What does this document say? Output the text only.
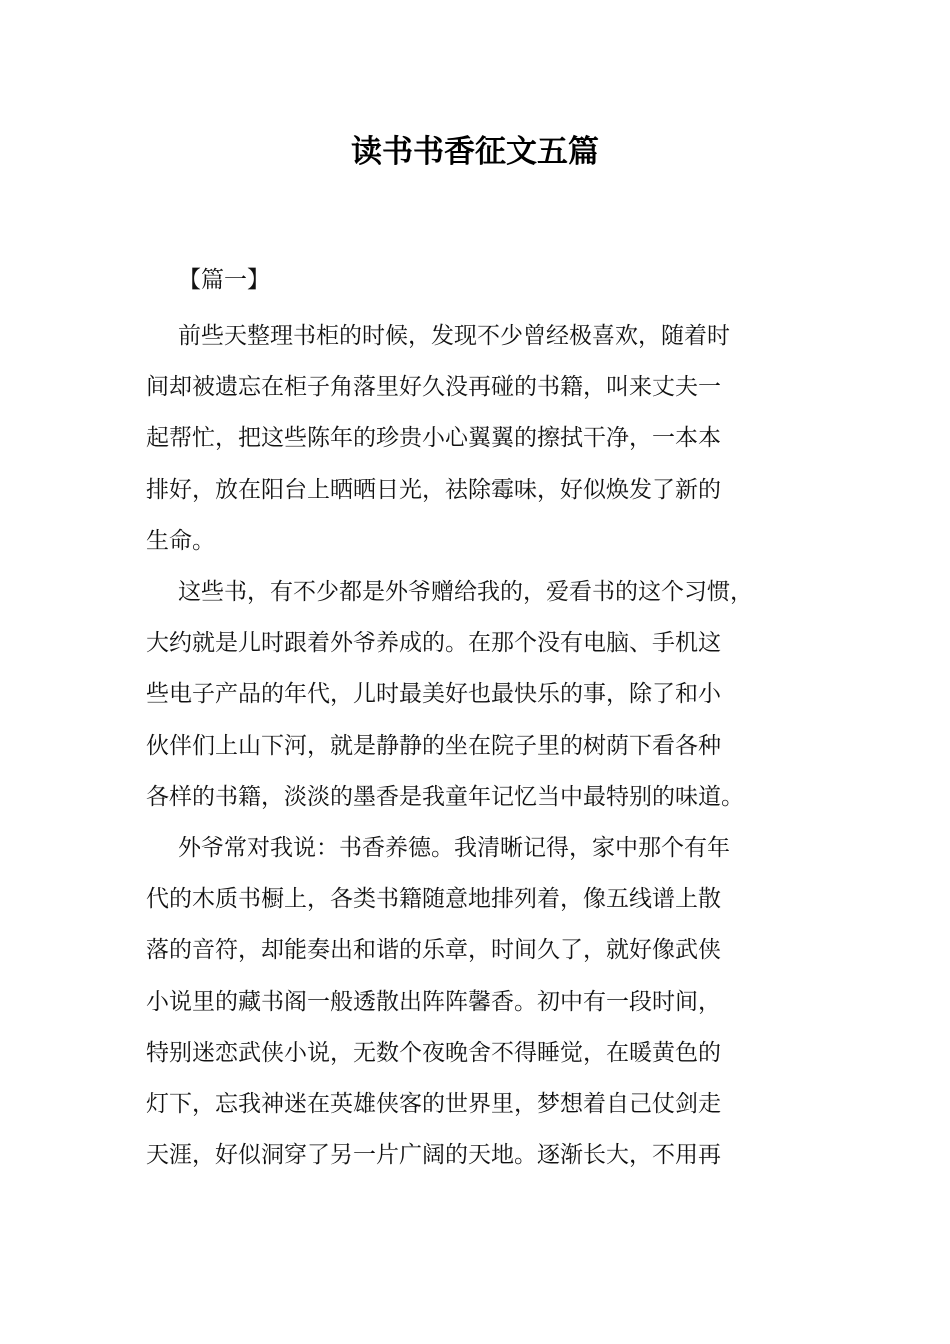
读书书香征文五篇
【篇一】
前些天整理书柜的时候，发现不少曾经极喜欢，随着时
间却被遗忘在柜子角落里好久没再碰的书籍，叫来丈夫一
起帮忙，把这些陈年的珍贵小心翼翼的擦拭干净，一本本
排好，放在阳台上晒晒日光，祛除霉味，好似焕发了新的
生命。
这些书，有不少都是外爷赠给我的，爱看书的这个习惯，
大约就是儿时跟着外爷养成的。在那个没有电脑、手机这
些电子产品的年代，儿时最美好也最快乐的事，除了和小
伙伴们上山下河，就是静静的坐在院子里的树荫下看各种
各样的书籍，淡淡的墨香是我童年记忆当中最特别的味道。
外爷常对我说：书香养德。我清晰记得，家中那个有年
代的木质书橱上，各类书籍随意地排列着，像五线谱上散
落的音符，却能奏出和谐的乐章，时间久了，就好像武侠
小说里的藏书阁一般透散出阵阵馨香。初中有一段时间，
特别迷恋武侠小说，无数个夜晚舍不得睡觉，在暖黄色的
灯下，忘我神迷在英雄侠客的世界里，梦想着自己仗剑走
天涯，好似洞穿了另一片广阔的天地。逐渐长大，不用再
